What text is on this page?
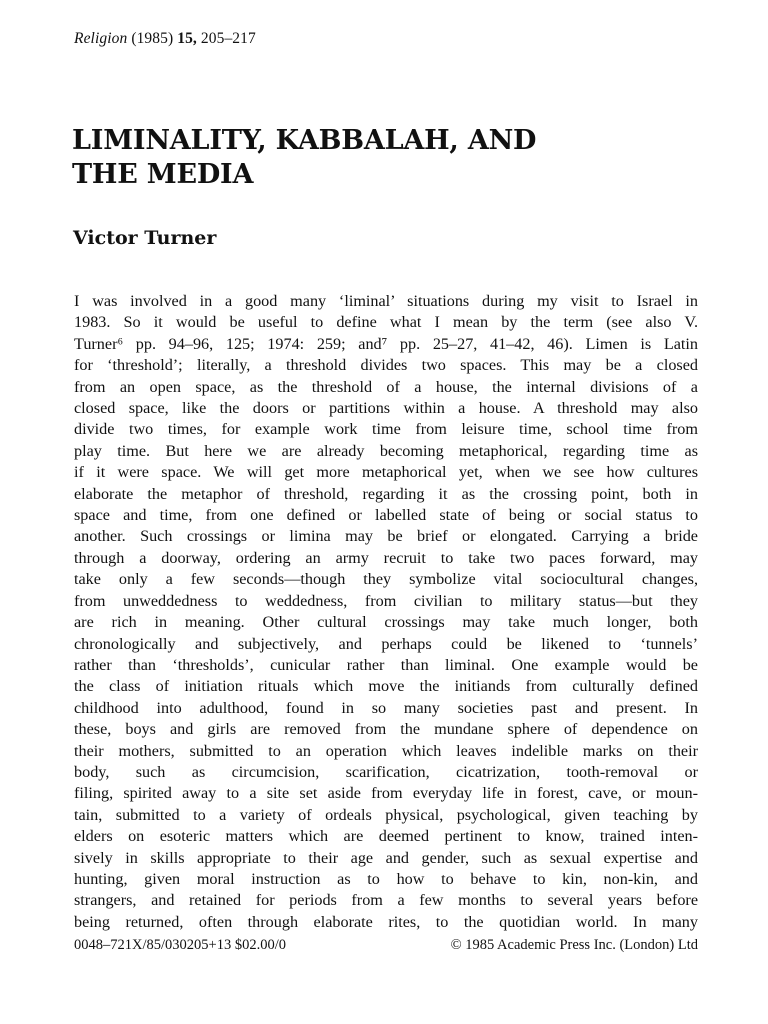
Religion (1985) 15, 205–217
LIMINALITY, KABBALAH, AND
THE MEDIA
Victor Turner
I was involved in a good many ‘liminal’ situations during my visit to Israel in
1983. So it would be useful to define what I mean by the term (see also V.
Turner⁶ pp. 94–96, 125; 1974: 259; and⁷ pp. 25–27, 41–42, 46). Limen is Latin
for ‘threshold’; literally, a threshold divides two spaces. This may be a closed
from an open space, as the threshold of a house, the internal divisions of a
closed space, like the doors or partitions within a house. A threshold may also
divide two times, for example work time from leisure time, school time from
play time. But here we are already becoming metaphorical, regarding time as
if it were space. We will get more metaphorical yet, when we see how cultures
elaborate the metaphor of threshold, regarding it as the crossing point, both in
space and time, from one defined or labelled state of being or social status to
another. Such crossings or limina may be brief or elongated. Carrying a bride
through a doorway, ordering an army recruit to take two paces forward, may
take only a few seconds—though they symbolize vital sociocultural changes,
from unweddedness to weddedness, from civilian to military status—but they
are rich in meaning. Other cultural crossings may take much longer, both
chronologically and subjectively, and perhaps could be likened to ‘tunnels’
rather than ‘thresholds’, cunicular rather than liminal. One example would be
the class of initiation rituals which move the initiands from culturally defined
childhood into adulthood, found in so many societies past and present. In
these, boys and girls are removed from the mundane sphere of dependence on
their mothers, submitted to an operation which leaves indelible marks on their
body, such as circumcision, scarification, cicatrization, tooth-removal or
filing, spirited away to a site set aside from everyday life in forest, cave, or moun-
tain, submitted to a variety of ordeals physical, psychological, given teaching by
elders on esoteric matters which are deemed pertinent to know, trained inten-
sively in skills appropriate to their age and gender, such as sexual expertise and
hunting, given moral instruction as to how to behave to kin, non-kin, and
strangers, and retained for periods from a few months to several years before
being returned, often through elaborate rites, to the quotidian world. In many
0048–721X/85/030205+13 $02.00/0	© 1985 Academic Press Inc. (London) Ltd
